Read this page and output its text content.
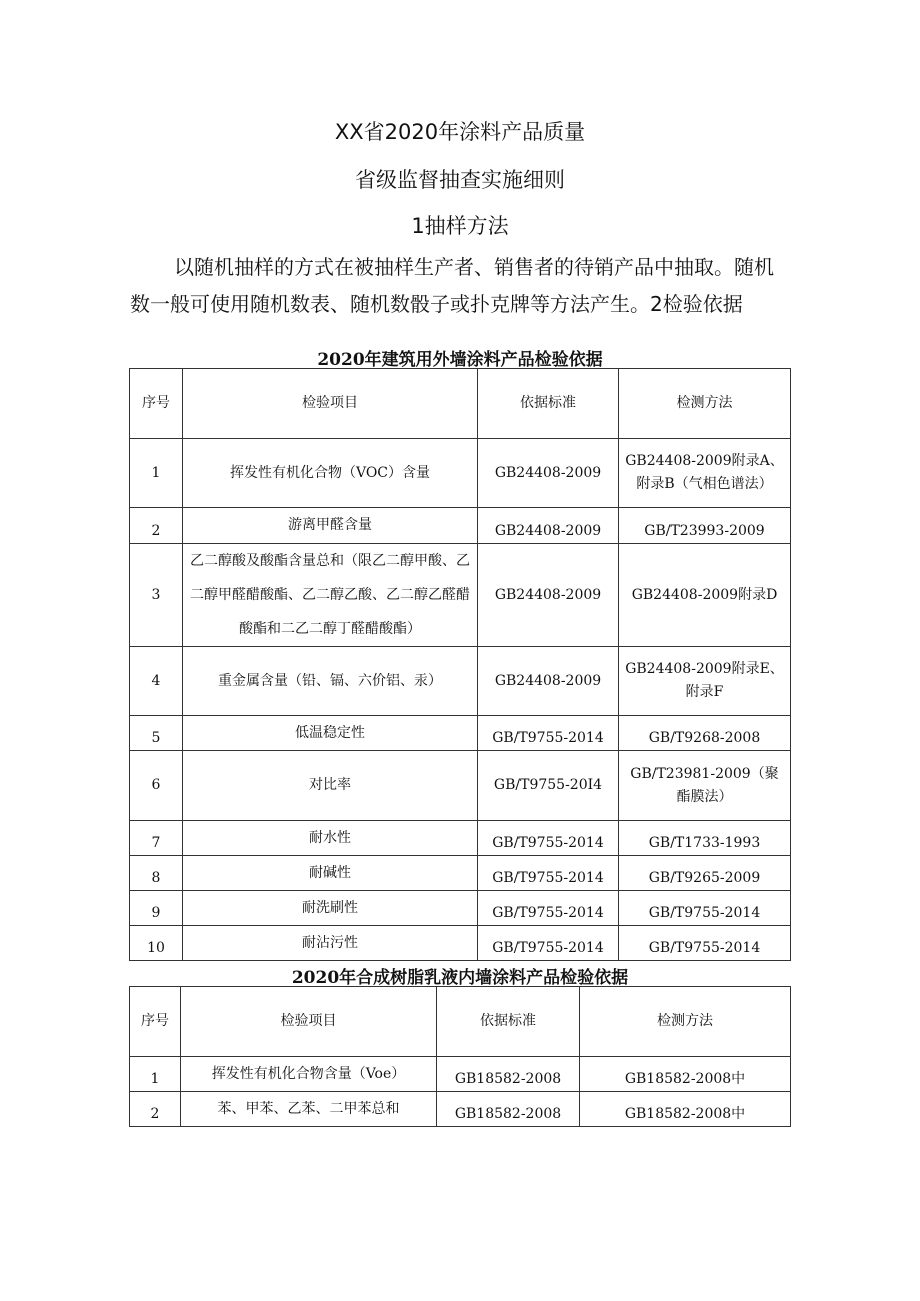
XX省2020年涂料产品质量
省级监督抽查实施细则
1抽样方法
以随机抽样的方式在被抽样生产者、销售者的待销产品中抽取。随机
数一般可使用随机数表、随机数骰子或扑克牌等方法产生。2检验依据
2020年建筑用外墙涂料产品检验依据
序号	检验项目	依据标准	检测方法
1	挥发性有机化合物（VOC）含量	GB24408-2009	GB24408-2009附录A、附录B（气相色谱法）
2	游离甲醛含量	GB24408-2009	GB/T23993-2009
3	乙二醇酸及酸酯含量总和（限乙二醇甲酸、乙二醇甲醛醋酸酯、乙二醇乙酸、乙二醇乙醛醋酸酯和二乙二醇丁醛醋酸酯）	GB24408-2009	GB24408-2009附录D
4	重金属含量（铅、镉、六价铝、汞）	GB24408-2009	GB24408-2009附录E、附录F
5	低温稳定性	GB/T9755-2014	GB/T9268-2008
6	对比率	GB/T9755-20I4	GB/T23981-2009（聚酯膜法）
7	耐水性	GB/T9755-2014	GB/T1733-1993
8	耐碱性	GB/T9755-2014	GB/T9265-2009
9	耐洗刷性	GB/T9755-2014	GB/T9755-2014
10	耐沾污性	GB/T9755-2014	GB/T9755-2014
2020年合成树脂乳液内墙涂料产品检验依据
序号	检验项目	依据标准	检测方法
1	挥发性有机化合物含量（Voe）	GB18582-2008	GB18582-2008中
2	苯、甲苯、乙苯、二甲苯总和	GB18582-2008	GB18582-2008中
